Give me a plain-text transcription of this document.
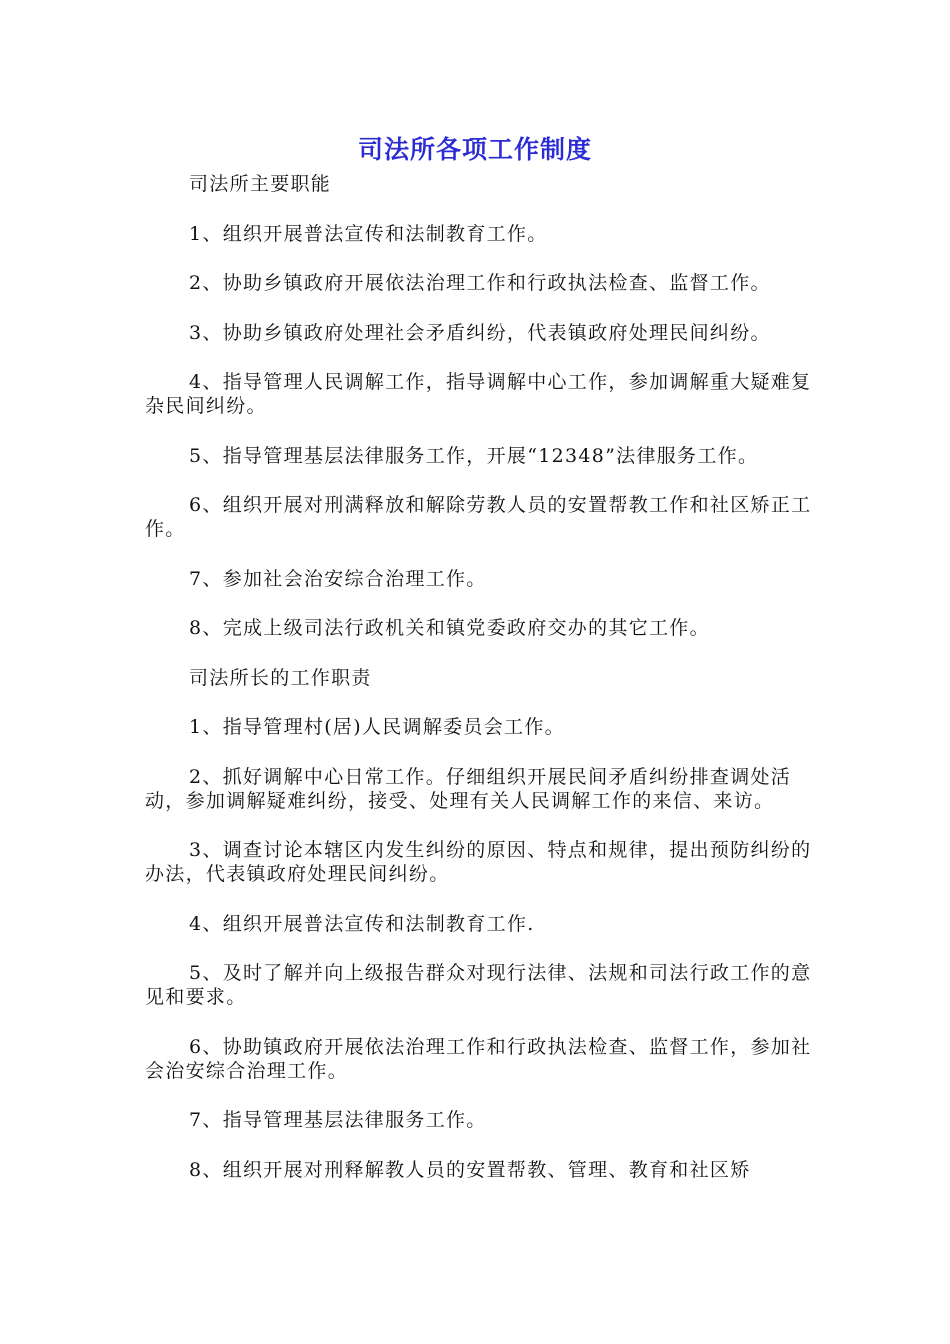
司法所各项工作制度

司法所主要职能

1、组织开展普法宣传和法制教育工作。

2、协助乡镇政府开展依法治理工作和行政执法检查、监督工作。

3、协助乡镇政府处理社会矛盾纠纷，代表镇政府处理民间纠纷。

4、指导管理人民调解工作，指导调解中心工作，参加调解重大疑难复杂民间纠纷。

5、指导管理基层法律服务工作，开展“12348”法律服务工作。

6、组织开展对刑满释放和解除劳教人员的安置帮教工作和社区矫正工作。

7、参加社会治安综合治理工作。

8、完成上级司法行政机关和镇党委政府交办的其它工作。

司法所长的工作职责

1、指导管理村(居)人民调解委员会工作。

2、抓好调解中心日常工作。仔细组织开展民间矛盾纠纷排查调处活动，参加调解疑难纠纷，接受、处理有关人民调解工作的来信、来访。

3、调查讨论本辖区内发生纠纷的原因、特点和规律，提出预防纠纷的办法，代表镇政府处理民间纠纷。

4、组织开展普法宣传和法制教育工作.

5、及时了解并向上级报告群众对现行法律、法规和司法行政工作的意见和要求。

6、协助镇政府开展依法治理工作和行政执法检查、监督工作，参加社会治安综合治理工作。

7、指导管理基层法律服务工作。

8、组织开展对刑释解教人员的安置帮教、管理、教育和社区矫
